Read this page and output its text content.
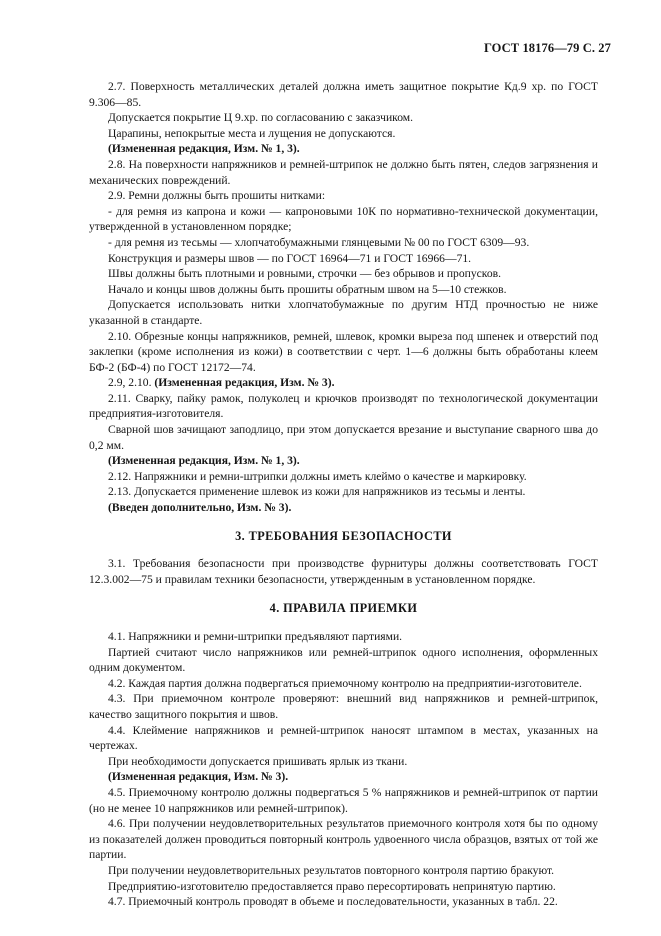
ГОСТ 18176—79 С. 27

2.7. Поверхность металлических деталей должна иметь защитное покрытие Кд.9 хр. по ГОСТ 9.306—85.

Допускается покрытие Ц 9.хр. по согласованию с заказчиком.

Царапины, непокрытые места и лущения не допускаются.

(Измененная редакция, Изм. № 1, 3).

2.8. На поверхности напряжников и ремней-штрипок не должно быть пятен, следов загрязнения и механических повреждений.

2.9. Ремни должны быть прошиты нитками:

- для ремня из капрона и кожи — капроновыми 10К по нормативно-технической документации, утвержденной в установленном порядке;

- для ремня из тесьмы — хлопчатобумажными глянцевыми № 00 по ГОСТ 6309—93.

Конструкция и размеры швов — по ГОСТ 16964—71 и ГОСТ 16966—71.

Швы должны быть плотными и ровными, строчки — без обрывов и пропусков.

Начало и концы швов должны быть прошиты обратным швом на 5—10 стежков.

Допускается использовать нитки хлопчатобумажные по другим НТД прочностью не ниже указанной в стандарте.

2.10. Обрезные концы напряжников, ремней, шлевок, кромки выреза под шпенек и отверстий под заклепки (кроме исполнения из кожи) в соответствии с черт. 1—6 должны быть обработаны клеем БФ-2 (БФ-4) по ГОСТ 12172—74.

2.9, 2.10. (Измененная редакция, Изм. № 3).

2.11. Сварку, пайку рамок, полуколец и крючков производят по технологической документации предприятия-изготовителя.

Сварной шов зачищают заподлицо, при этом допускается врезание и выступание сварного шва до 0,2 мм.

(Измененная редакция, Изм. № 1, 3).

2.12. Напряжники и ремни-штрипки должны иметь клеймо о качестве и маркировку.

2.13. Допускается применение шлевок из кожи для напряжников из тесьмы и ленты.

(Введен дополнительно, Изм. № 3).

3. ТРЕБОВАНИЯ БЕЗОПАСНОСТИ

3.1. Требования безопасности при производстве фурнитуры должны соответствовать ГОСТ 12.3.002—75 и правилам техники безопасности, утвержденным в установленном порядке.

4. ПРАВИЛА ПРИЕМКИ

4.1. Напряжники и ремни-штрипки предъявляют партиями.

Партией считают число напряжников или ремней-штрипок одного исполнения, оформленных одним документом.

4.2. Каждая партия должна подвергаться приемочному контролю на предприятии-изготовителе.

4.3. При приемочном контроле проверяют: внешний вид напряжников и ремней-штрипок, качество защитного покрытия и швов.

4.4. Клеймение напряжников и ремней-штрипок наносят штампом в местах, указанных на чертежах.

При необходимости допускается пришивать ярлык из ткани.

(Измененная редакция, Изм. № 3).

4.5. Приемочному контролю должны подвергаться 5 % напряжников и ремней-штрипок от партии (но не менее 10 напряжников или ремней-штрипок).

4.6. При получении неудовлетворительных результатов приемочного контроля хотя бы по одному из показателей должен проводиться повторный контроль удвоенного числа образцов, взятых от той же партии.

При получении неудовлетворительных результатов повторного контроля партию бракуют.

Предприятию-изготовителю предоставляется право пересортировать непринятую партию.

4.7. Приемочный контроль проводят в объеме и последовательности, указанных в табл. 22.
